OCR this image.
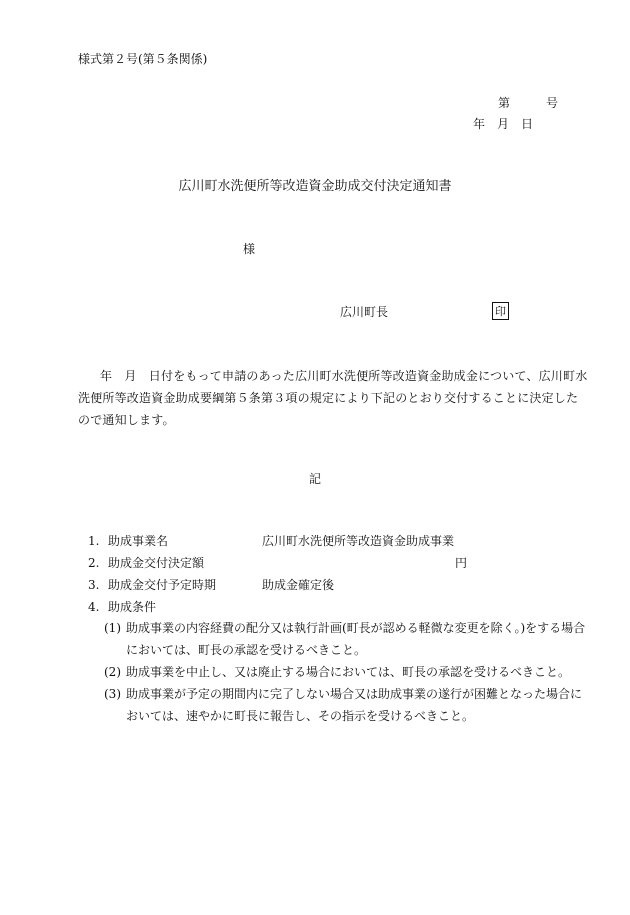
様式第２号(第５条関係)
第	号
年 月 日
広川町水洗便所等改造資金助成交付決定通知書
様
広川町長	印
年　月　日付をもって申請のあった広川町水洗便所等改造資金助成金について、広川町水洗便所等改造資金助成要綱第５条第３項の規定により下記のとおり交付することに決定したので通知します。
記
1. 助成事業名	広川町水洗便所等改造資金助成事業
2. 助成金交付決定額	円
3. 助成金交付予定時期	助成金確定後
4. 助成条件
(1) 助成事業の内容経費の配分又は執行計画(町長が認める軽微な変更を除く。)をする場合においては、町長の承認を受けるべきこと。
(2) 助成事業を中止し、又は廃止する場合においては、町長の承認を受けるべきこと。
(3) 助成事業が予定の期間内に完了しない場合又は助成事業の遂行が困難となった場合においては、速やかに町長に報告し、その指示を受けるべきこと。
